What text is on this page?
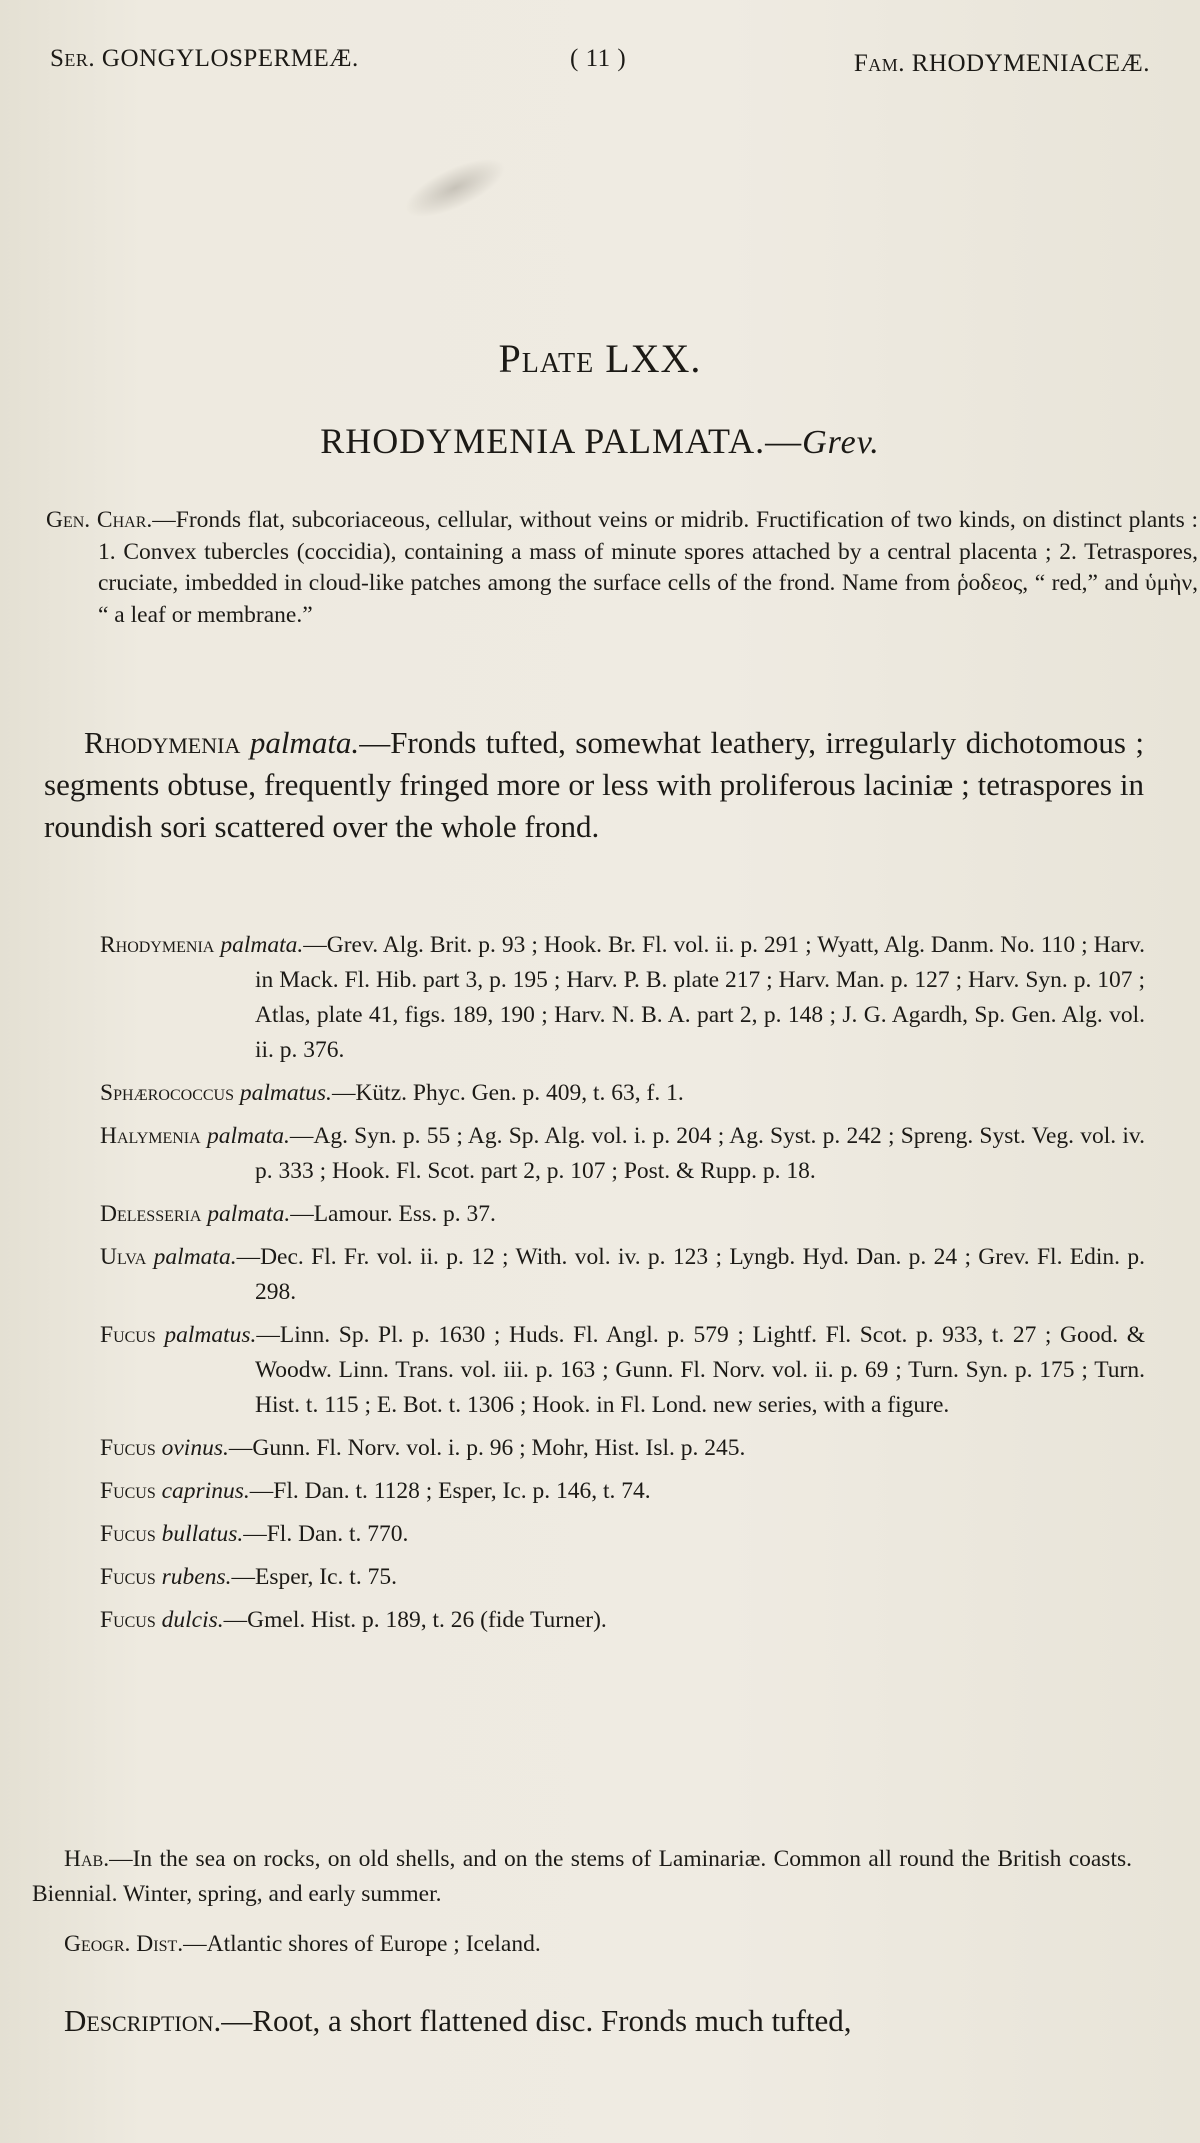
Ser. GONGYLOSPERMEÆ.	( 11 )	Fam. RHODYMENIACEÆ.
Plate LXX.
RHODYMENIA PALMATA.—Grev.
Gen. Char.—Fronds flat, subcoriaceous, cellular, without veins or midrib. Fructification of two kinds, on distinct plants : 1. Convex tubercles (coccidia), containing a mass of minute spores attached by a central placenta ; 2. Tetraspores, cruciate, imbedded in cloud-like patches among the surface cells of the frond. Name from ῥοδεος, “ red,” and ὑμὴν, “ a leaf or membrane.”
Rhodymenia palmata.—Fronds tufted, somewhat leathery, irregularly dichotomous ; segments obtuse, frequently fringed more or less with proliferous laciniæ ; tetraspores in roundish sori scattered over the whole frond.
Rhodymenia palmata.—Grev. Alg. Brit. p. 93 ; Hook. Br. Fl. vol. ii. p. 291 ; Wyatt, Alg. Danm. No. 110 ; Harv. in Mack. Fl. Hib. part 3, p. 195 ; Harv. P. B. plate 217 ; Harv. Man. p. 127 ; Harv. Syn. p. 107 ; Atlas, plate 41, figs. 189, 190 ; Harv. N. B. A. part 2, p. 148 ; J. G. Agardh, Sp. Gen. Alg. vol. ii. p. 376.
Sphærococcus palmatus.—Kütz. Phyc. Gen. p. 409, t. 63, f. 1.
Halymenia palmata.—Ag. Syn. p. 55 ; Ag. Sp. Alg. vol. i. p. 204 ; Ag. Syst. p. 242 ; Spreng. Syst. Veg. vol. iv. p. 333 ; Hook. Fl. Scot. part 2, p. 107 ; Post. & Rupp. p. 18.
Delesseria palmata.—Lamour. Ess. p. 37.
Ulva palmata.—Dec. Fl. Fr. vol. ii. p. 12 ; With. vol. iv. p. 123 ; Lyngb. Hyd. Dan. p. 24 ; Grev. Fl. Edin. p. 298.
Fucus palmatus.—Linn. Sp. Pl. p. 1630 ; Huds. Fl. Angl. p. 579 ; Lightf. Fl. Scot. p. 933, t. 27 ; Good. & Woodw. Linn. Trans. vol. iii. p. 163 ; Gunn. Fl. Norv. vol. ii. p. 69 ; Turn. Syn. p. 175 ; Turn. Hist. t. 115 ; E. Bot. t. 1306 ; Hook. in Fl. Lond. new series, with a figure.
Fucus ovinus.—Gunn. Fl. Norv. vol. i. p. 96 ; Mohr, Hist. Isl. p. 245.
Fucus caprinus.—Fl. Dan. t. 1128 ; Esper, Ic. p. 146, t. 74.
Fucus bullatus.—Fl. Dan. t. 770.
Fucus rubens.—Esper, Ic. t. 75.
Fucus dulcis.—Gmel. Hist. p. 189, t. 26 (fide Turner).
Hab.—In the sea on rocks, on old shells, and on the stems of Laminariæ. Common all round the British coasts. Biennial. Winter, spring, and early summer.
Geogr. Dist.—Atlantic shores of Europe ; Iceland.
Description.—Root, a short flattened disc. Fronds much tufted,
